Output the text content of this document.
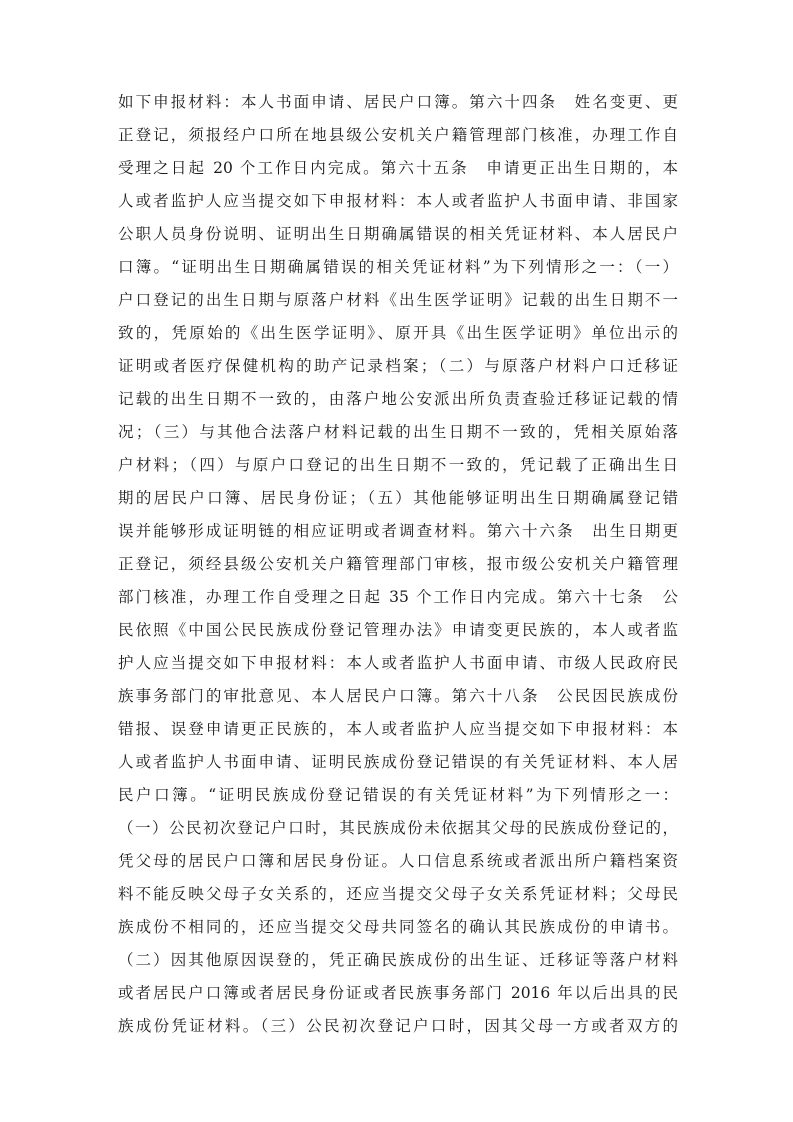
如下申报材料：本人书面申请、居民户口簿。第六十四条　姓名变更、更
正登记，须报经户口所在地县级公安机关户籍管理部门核准，办理工作自
受理之日起 20 个工作日内完成。第六十五条　申请更正出生日期的，本
人或者监护人应当提交如下申报材料：本人或者监护人书面申请、非国家
公职人员身份说明、证明出生日期确属错误的相关凭证材料、本人居民户
口簿。“证明出生日期确属错误的相关凭证材料”为下列情形之一：（一）
户口登记的出生日期与原落户材料《出生医学证明》记载的出生日期不一
致的，凭原始的《出生医学证明》、原开具《出生医学证明》单位出示的
证明或者医疗保健机构的助产记录档案；（二）与原落户材料户口迁移证
记载的出生日期不一致的，由落户地公安派出所负责查验迁移证记载的情
况；（三）与其他合法落户材料记载的出生日期不一致的，凭相关原始落
户材料；（四）与原户口登记的出生日期不一致的，凭记载了正确出生日
期的居民户口簿、居民身份证；（五）其他能够证明出生日期确属登记错
误并能够形成证明链的相应证明或者调查材料。第六十六条　出生日期更
正登记，须经县级公安机关户籍管理部门审核，报市级公安机关户籍管理
部门核准，办理工作自受理之日起 35 个工作日内完成。第六十七条　公
民依照《中国公民民族成份登记管理办法》申请变更民族的，本人或者监
护人应当提交如下申报材料：本人或者监护人书面申请、市级人民政府民
族事务部门的审批意见、本人居民户口簿。第六十八条　公民因民族成份
错报、误登申请更正民族的，本人或者监护人应当提交如下申报材料：本
人或者监护人书面申请、证明民族成份登记错误的有关凭证材料、本人居
民户口簿。“证明民族成份登记错误的有关凭证材料”为下列情形之一：
（一）公民初次登记户口时，其民族成份未依据其父母的民族成份登记的，
凭父母的居民户口簿和居民身份证。人口信息系统或者派出所户籍档案资
料不能反映父母子女关系的，还应当提交父母子女关系凭证材料；父母民
族成份不相同的，还应当提交父母共同签名的确认其民族成份的申请书。
（二）因其他原因误登的，凭正确民族成份的出生证、迁移证等落户材料
或者居民户口簿或者居民身份证或者民族事务部门 2016 年以后出具的民
族成份凭证材料。（三）公民初次登记户口时，因其父母一方或者双方的
